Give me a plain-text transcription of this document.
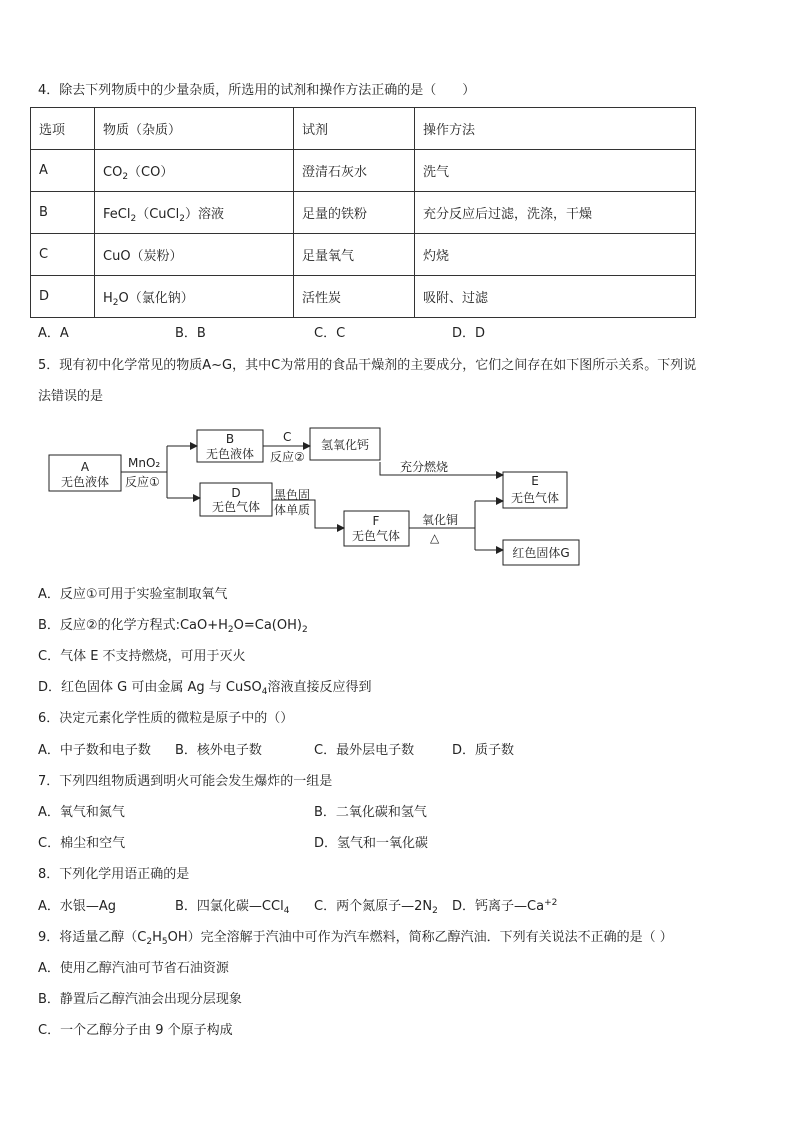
4．除去下列物质中的少量杂质，所选用的试剂和操作方法正确的是（　　）
选项	物质（杂质）	试剂	操作方法
A	$CO_2(CO)$	澄清石灰水	洗气
B	FeCl$_2$（CuCl$_2$）溶液	足量的铁粉	充分反应后过滤，洗涤，干燥
C	CuO（炭粉）	足量氧气	灼烧
D	$H_2O$（氯化钠）	活性炭	吸附、过滤
A．A	B．B	C．C	D．D
5．现有初中化学常见的物质A~G，其中C为常用的食品干燥剂的主要成分，它们之间存在如下图所示关系。下列说
法错误的是
A
无色液体
MnO₂
反应①
B
无色液体
C
反应②
氢氧化钙
D
无色气体
黑色固
体单质
充分燃烧
E
无色气体
F
无色气体
氧化铜
△
红色固体G
A．反应①可用于实验室制取氧气
B．反应②的化学方程式$:CaO+H_2O=Ca(OH)_2$
C．气体 E 不支持燃烧，可用于灭火
D．红色固体 G 可由金属 Ag 与 CuSO$_4$溶液直接反应得到
6．决定元素化学性质的微粒是原子中的（）
A．中子数和电子数 B．核外电子数	C．最外层电子数	D．质子数
7．下列四组物质遇到明火可能会发生爆炸的一组是
A．氧气和氮气	B．二氧化碳和氢气
C．棉尘和空气	D．氢气和一氧化碳
8．下列化学用语正确的是
A．水银—Ag	B．四氯化碳—CCl$_4$ C．两个氮原子$—2N_2$ D．钙离子$—Ca^{+2}$
9．将适量乙醇$(C_2H_5OH)$完全溶解于汽油中可作为汽车燃料，简称乙醇汽油．下列有关说法不正确的是（ ）
A．使用乙醇汽油可节省石油资源
B．静置后乙醇汽油会出现分层现象
C．一个乙醇分子由 9 个原子构成
